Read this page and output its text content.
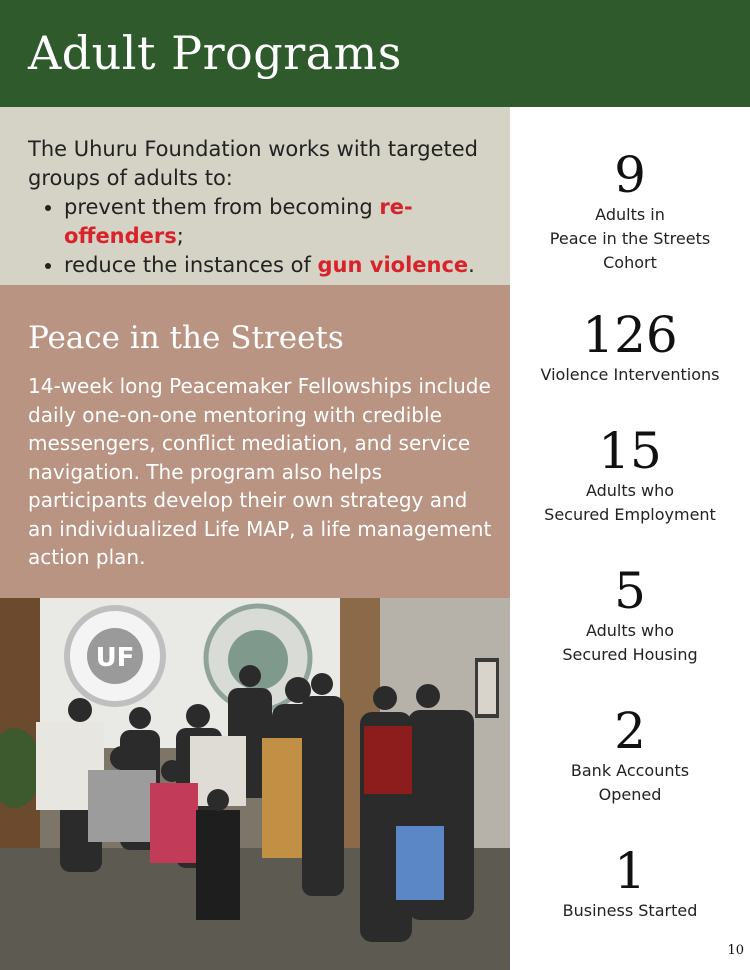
Adult Programs
The Uhuru Foundation works with targeted groups of adults to:
• prevent them from becoming re-offenders;
• reduce the instances of gun violence.
Peace in the Streets

14-week long Peacemaker Fellowships include daily one-on-one mentoring with credible messengers, conflict mediation, and service navigation. The program also helps participants develop their own strategy and an individualized Life MAP, a life management action plan.

UF
9
Adults in
Peace in the Streets
Cohort
126
Violence Interventions
15
Adults who
Secured Employment
5
Adults who
Secured Housing
2
Bank Accounts
Opened
1
Business Started
10
